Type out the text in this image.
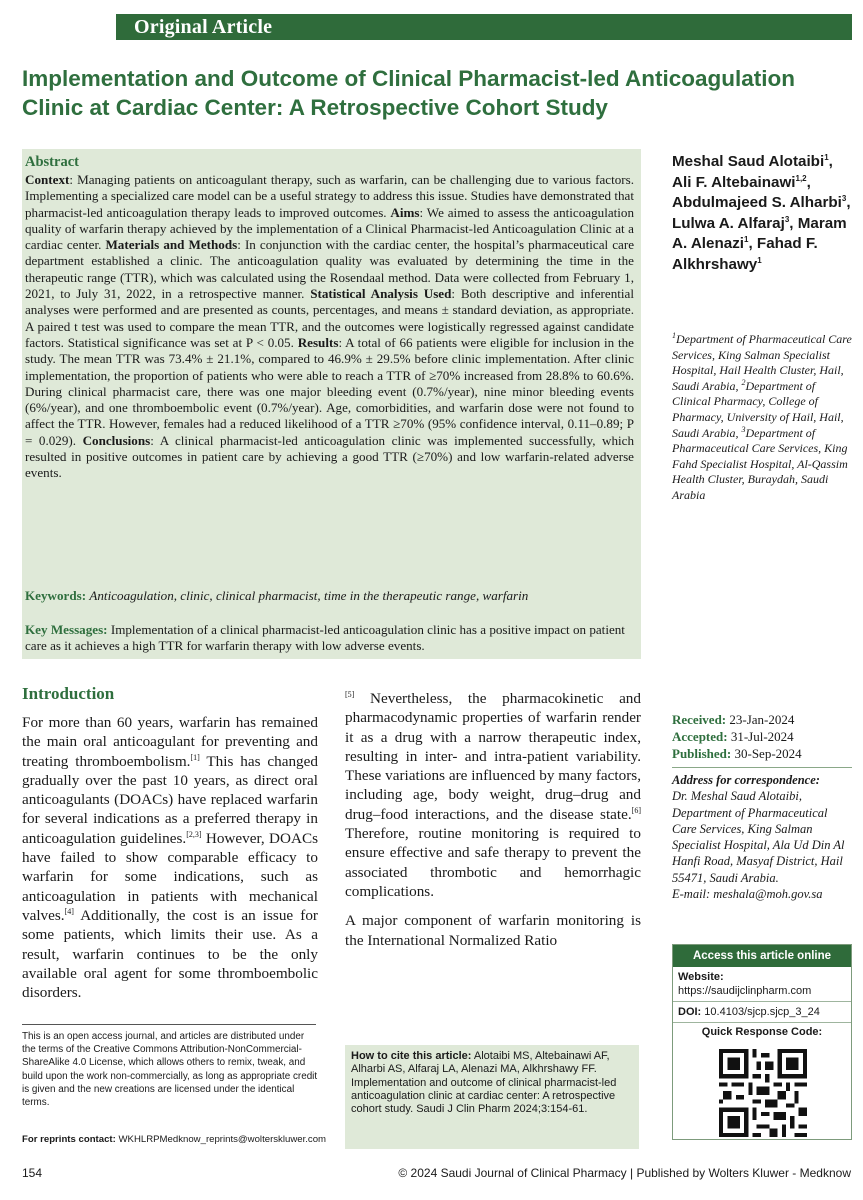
Original Article
Implementation and Outcome of Clinical Pharmacist-led Anticoagulation Clinic at Cardiac Center: A Retrospective Cohort Study
Abstract
Context: Managing patients on anticoagulant therapy, such as warfarin, can be challenging due to various factors. Implementing a specialized care model can be a useful strategy to address this issue. Studies have demonstrated that pharmacist-led anticoagulation therapy leads to improved outcomes. Aims: We aimed to assess the anticoagulation quality of warfarin therapy achieved by the implementation of a Clinical Pharmacist-led Anticoagulation Clinic at a cardiac center. Materials and Methods: In conjunction with the cardiac center, the hospital’s pharmaceutical care department established a clinic. The anticoagulation quality was evaluated by determining the time in the therapeutic range (TTR), which was calculated using the Rosendaal method. Data were collected from February 1, 2021, to July 31, 2022, in a retrospective manner. Statistical Analysis Used: Both descriptive and inferential analyses were performed and are presented as counts, percentages, and means ± standard deviation, as appropriate. A paired t test was used to compare the mean TTR, and the outcomes were logistically regressed against candidate factors. Statistical significance was set at P < 0.05. Results: A total of 66 patients were eligible for inclusion in the study. The mean TTR was 73.4% ± 21.1%, compared to 46.9% ± 29.5% before clinic implementation. After clinic implementation, the proportion of patients who were able to reach a TTR of ≥70% increased from 28.8% to 60.6%. During clinical pharmacist care, there was one major bleeding event (0.7%/year), nine minor bleeding events (6%/year), and one thromboembolic event (0.7%/year). Age, comorbidities, and warfarin dose were not found to affect the TTR. However, females had a reduced likelihood of a TTR ≥70% (95% confidence interval, 0.11–0.89; P = 0.029). Conclusions: A clinical pharmacist-led anticoagulation clinic was implemented successfully, which resulted in positive outcomes in patient care by achieving a good TTR (≥70%) and low warfarin-related adverse events.
Keywords: Anticoagulation, clinic, clinical pharmacist, time in the therapeutic range, warfarin
Key Messages: Implementation of a clinical pharmacist-led anticoagulation clinic has a positive impact on patient care as it achieves a high TTR for warfarin therapy with low adverse events.
Meshal Saud Alotaibi$^1$, Ali F. Altebainawi$^{1,2}$, Abdulmajeed S. Alharbi$^3$, Lulwa A. Alfaraj$^3$, Maram A. Alenazi$^1$, Fahad F. Alkhrshawy$^1$
$^1$Department of Pharmaceutical Care Services, King Salman Specialist Hospital, Hail Health Cluster, Hail, Saudi Arabia, $^2$Department of Clinical Pharmacy, College of Pharmacy, University of Hail, Hail, Saudi Arabia, $^3$Department of Pharmaceutical Care Services, King Fahd Specialist Hospital, Al-Qassim Health Cluster, Buraydah, Saudi Arabia
Introduction

For more than 60 years, warfarin has remained the main oral anticoagulant for preventing and treating thromboembolism.[1] This has changed gradually over the past 10 years, as direct oral anticoagulants (DOACs) have replaced warfarin for several indications as a preferred therapy in anticoagulation guidelines.[2,3] However, DOACs have failed to show comparable efficacy to warfarin for some indications, such as anticoagulation in patients with mechanical valves.[4] Additionally, the cost is an issue for some patients, which limits their use. As a result, warfarin continues to be the only available oral agent for some thromboembolic disorders.

[5] Nevertheless, the pharmacokinetic and pharmacodynamic properties of warfarin render it as a drug with a narrow therapeutic index, resulting in inter- and intra-patient variability. These variations are influenced by many factors, including age, body weight, drug–drug and drug–food interactions, and the disease state.[6] Therefore, routine monitoring is required to ensure effective and safe therapy to prevent the associated thrombotic and hemorrhagic complications.

A major component of warfarin monitoring is the International Normalized Ratio

Received: 23-Jan-2024
Accepted: 31-Jul-2024
Published: 30-Sep-2024
Address for correspondence:
Dr. Meshal Saud Alotaibi, Department of Pharmaceutical Care Services, King Salman Specialist Hospital, Ala Ud Din Al Hanfi Road, Masyaf District, Hail 55471, Saudi Arabia.
E-mail: meshala@moh.gov.sa
Access this article online
Website:
https://saudijclinpharm.com
DOI: 10.4103/sjcp.sjcp_3_24
Quick Response Code:
This is an open access journal, and articles are distributed under the terms of the Creative Commons Attribution-NonCommercial-ShareAlike 4.0 License, which allows others to remix, tweak, and build upon the work non-commercially, as long as appropriate credit is given and the new creations are licensed under the identical terms.
For reprints contact: WKHLRPMedknow_reprints@wolterskluwer.com
How to cite this article: Alotaibi MS, Altebainawi AF, Alharbi AS, Alfaraj LA, Alenazi MA, Alkhrshawy FF. Implementation and outcome of clinical pharmacist-led anticoagulation clinic at cardiac center: A retrospective cohort study. Saudi J Clin Pharm 2024;3:154-61.
154	© 2024 Saudi Journal of Clinical Pharmacy | Published by Wolters Kluwer - Medknow
